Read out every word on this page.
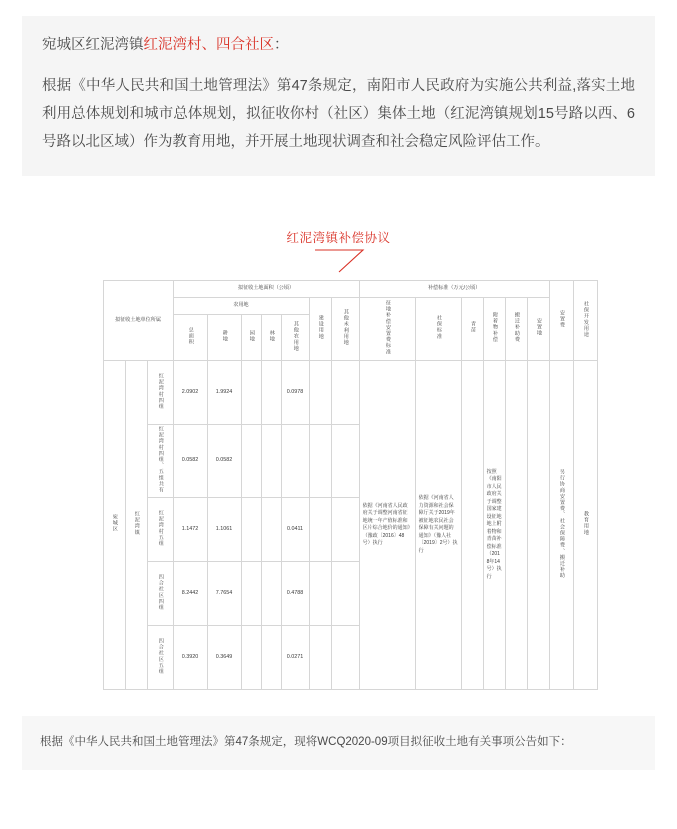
宛城区红泥湾镇红泥湾村、四合社区：
根据《中华人民共和国土地管理法》第47条规定，南阳市人民政府为实施公共利益,落实土地利用总体规划和城市总体规划，拟征收你村（社区）集体土地（红泥湾镇规划15号路以西、6号路以北区域）作为教育用地，并开展土地现状调查和社会稳定风险评估工作。
红泥湾镇补偿协议
拟征收土地单位所属			拟征收土地面积（公顷）							补偿标准（万元/公顷）						安置费	社保开发用途
			农用地					建设用地	其他未利用地	征地补偿安置费标准	社保标准	青苗	附着物补偿	搬迁补助费	安置地		
			总面积	耕地	园地	林地	其他农用地										
宛城区	红泥湾镇	红泥湾村四组	2.0902	1.9924			0.0978			依据《河南省人民政府关于调整河南省征地统一年产值标准和区片综合地价的通知》（豫政〔2016〕48号）执行	依据《河南省人力资源和社会保障厅关于2019年被征地农民社会保障有关问题的通知》（豫人社〔2019〕2号）执行		按照《南阳市人民政府关于调整国家建设征地地上附着物和青苗补偿标准（2018年14号）执行			另行协商安置费、社会保障费、搬迁补助	教育用地
		红泥湾村四组、五组共有	0.0582	0.0582													
		红泥湾村五组	1.1472	1.1061			0.0411										
		四合社区四组	8.2442	7.7654			0.4788										
		四合社区五组	0.3920	0.3649			0.0271										
根据《中华人民共和国土地管理法》第47条规定，现将WCQ2020-09项目拟征收土地有关事项公告如下：
